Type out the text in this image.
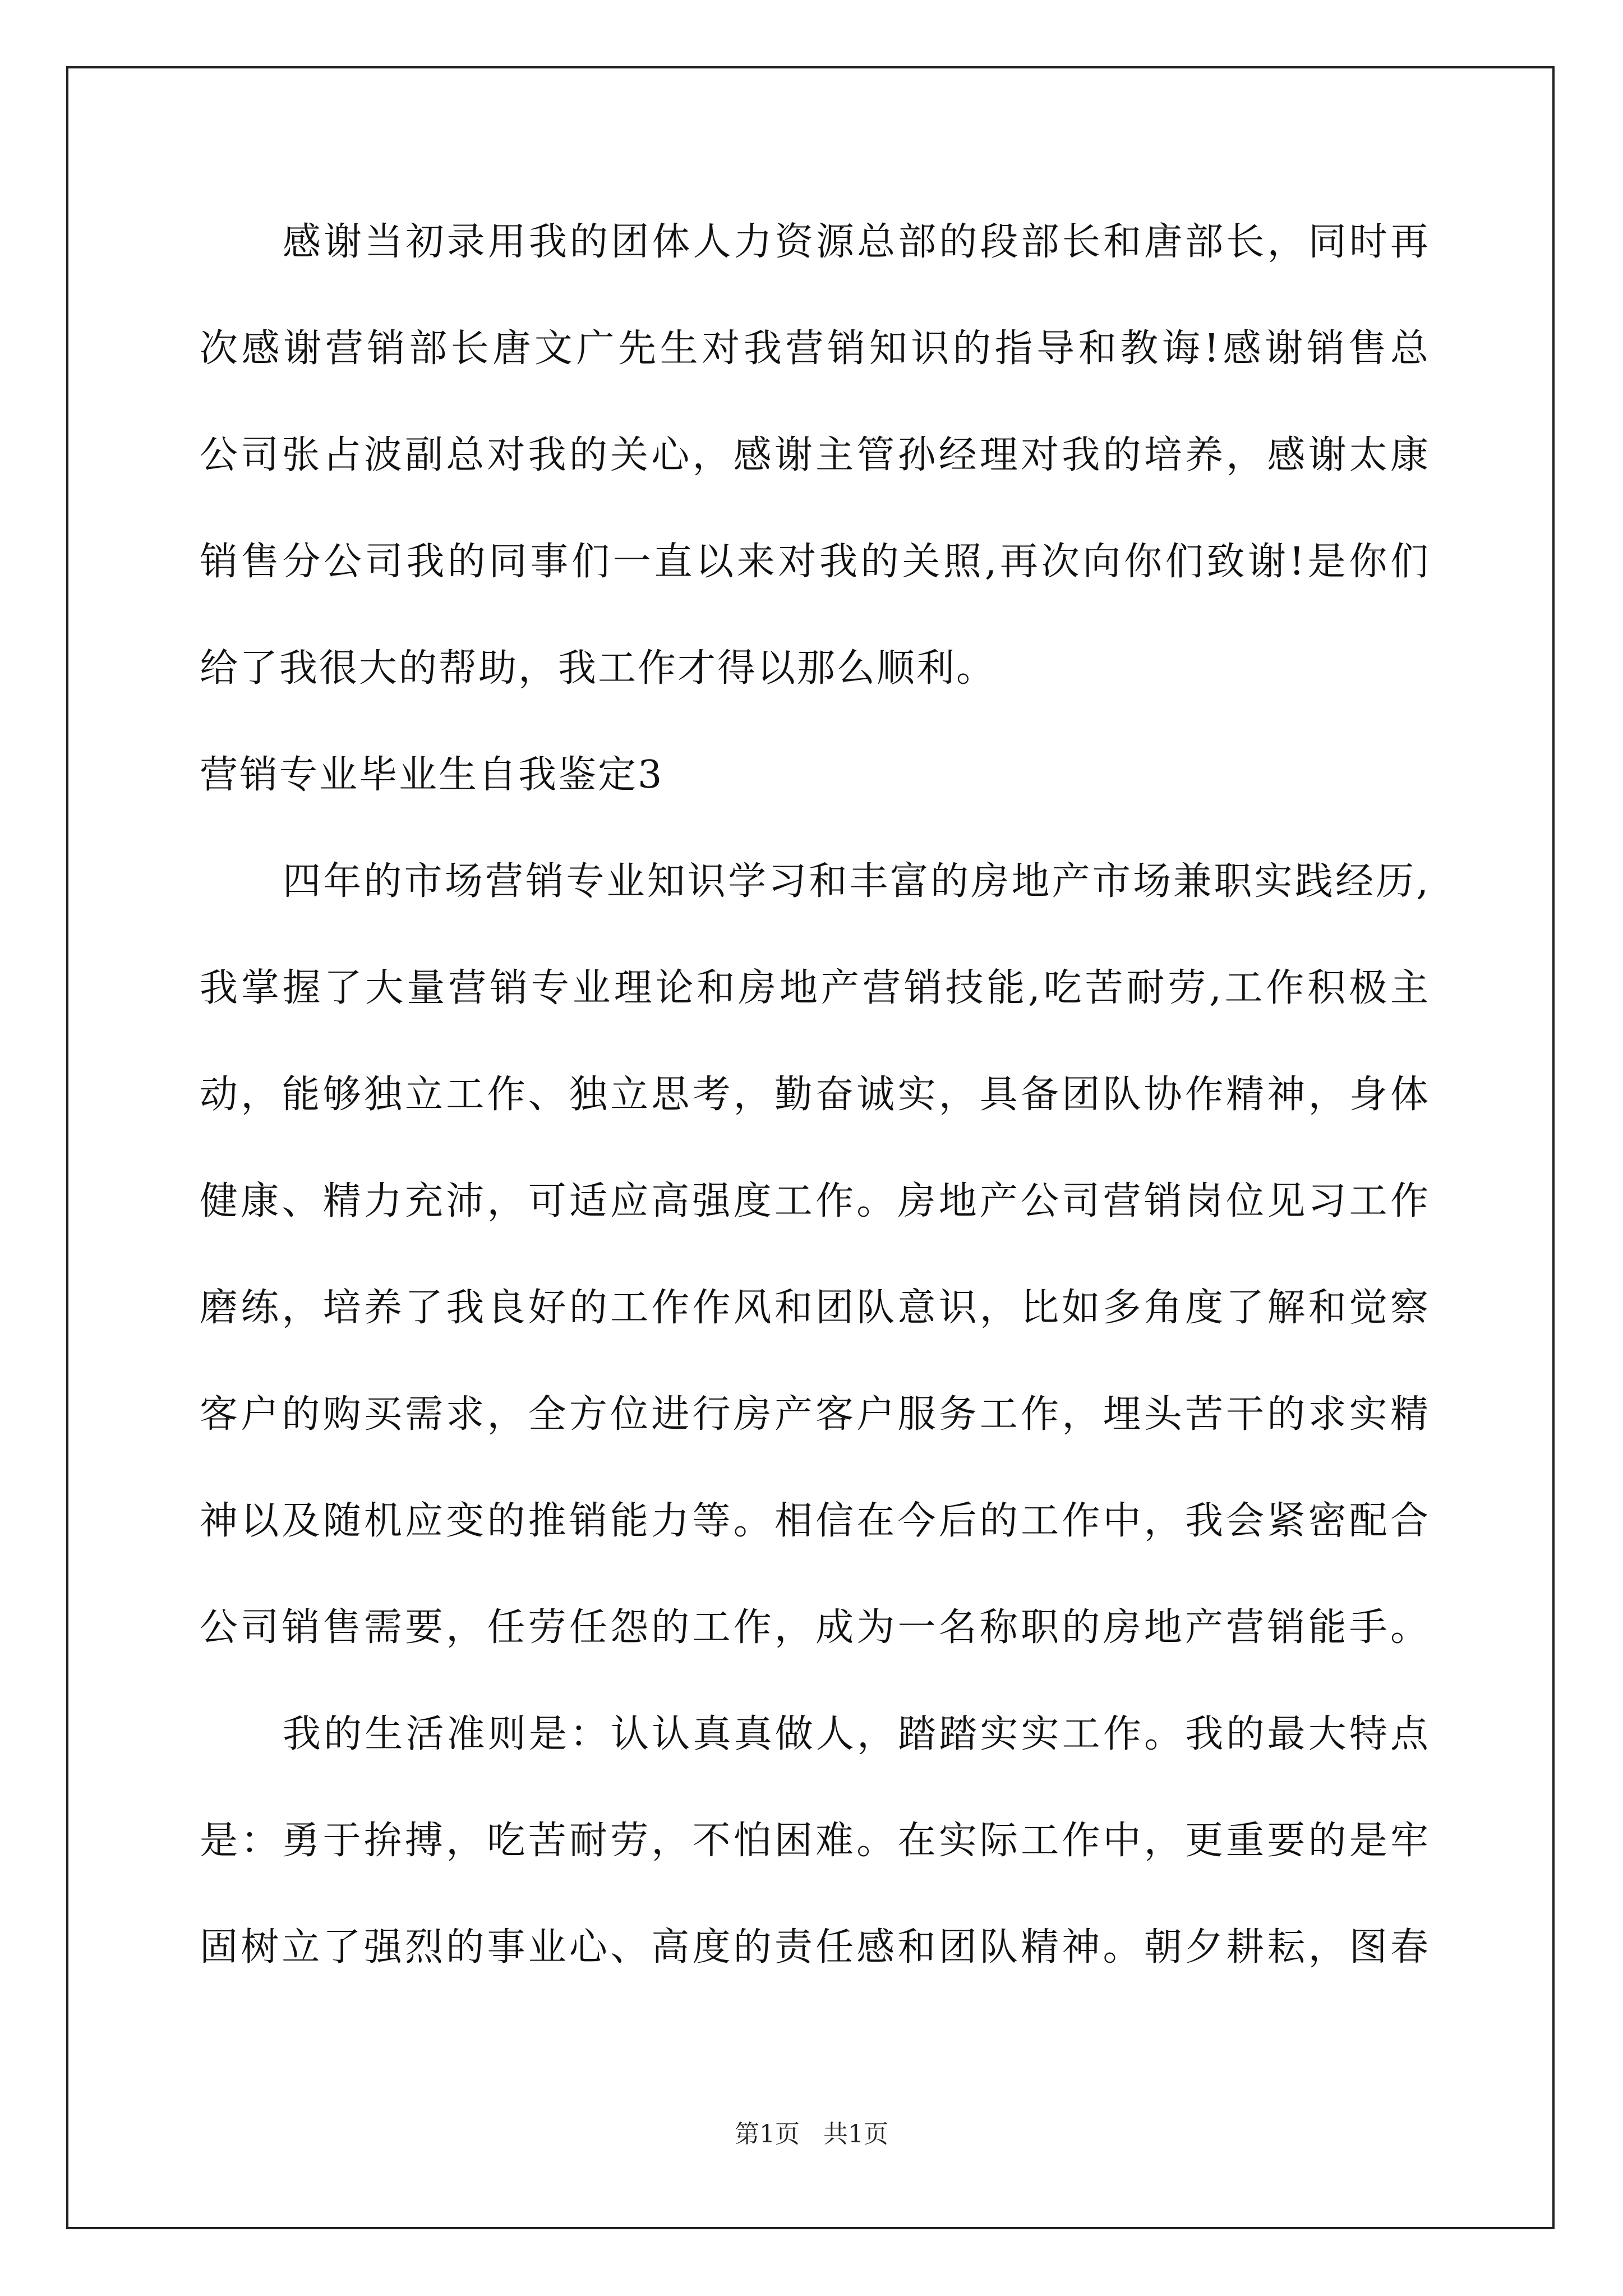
感谢当初录用我的团体人力资源总部的段部长和唐部长，同时再
次感谢营销部长唐文广先生对我营销知识的指导和教诲!感谢销售总
公司张占波副总对我的关心，感谢主管孙经理对我的培养，感谢太康
销售分公司我的同事们一直以来对我的关照,再次向你们致谢!是你们
给了我很大的帮助，我工作才得以那么顺利。
营销专业毕业生自我鉴定3
四年的市场营销专业知识学习和丰富的房地产市场兼职实践经历,
我掌握了大量营销专业理论和房地产营销技能,吃苦耐劳,工作积极主
动，能够独立工作、独立思考，勤奋诚实，具备团队协作精神，身体
健康、精力充沛，可适应高强度工作。房地产公司营销岗位见习工作
磨练，培养了我良好的工作作风和团队意识，比如多角度了解和觉察
客户的购买需求，全方位进行房产客户服务工作，埋头苦干的求实精
神以及随机应变的推销能力等。相信在今后的工作中，我会紧密配合
公司销售需要，任劳任怨的工作，成为一名称职的房地产营销能手。
我的生活准则是：认认真真做人，踏踏实实工作。我的最大特点
是：勇于拚搏，吃苦耐劳，不怕困难。在实际工作中，更重要的是牢
固树立了强烈的事业心、高度的责任感和团队精神。朝夕耕耘，图春
第1页   共1页
